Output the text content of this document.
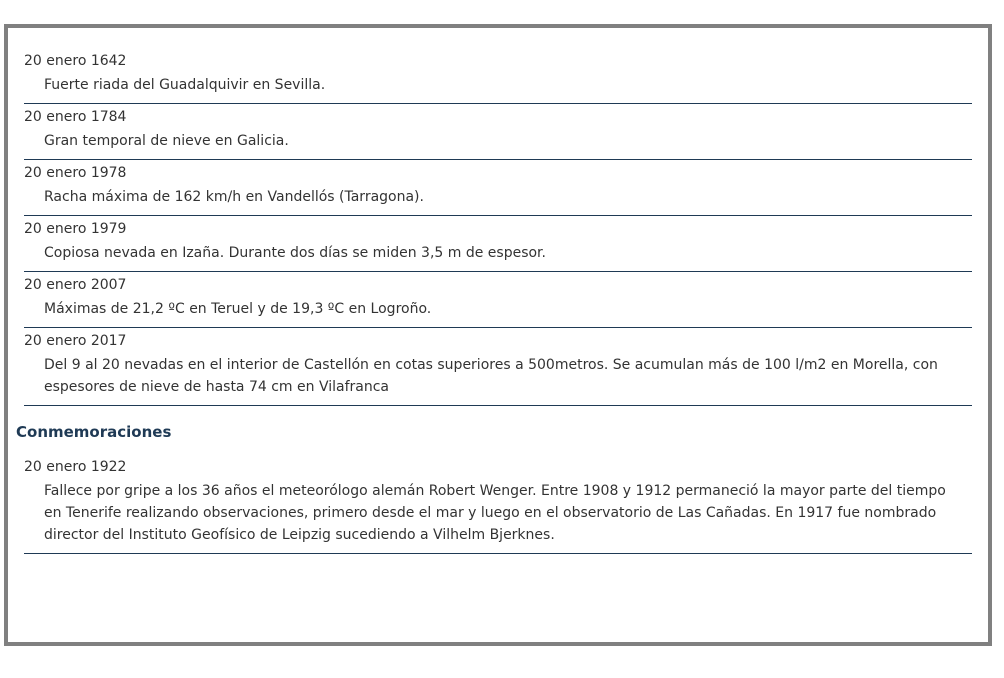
20 enero 1642

Fuerte riada del Guadalquivir en Sevilla.

20 enero 1784

Gran temporal de nieve en Galicia.

20 enero 1978

Racha máxima de 162 km/h en Vandellós (Tarragona).

20 enero 1979

Copiosa nevada en Izaña. Durante dos días se miden 3,5 m de espesor.

20 enero 2007

Máximas de 21,2 ºC en Teruel y de 19,3 ºC en Logroño.

20 enero 2017

Del 9 al 20 nevadas en el interior de Castellón en cotas superiores a 500metros. Se acumulan más de 100 l/m2 en Morella, con espesores de nieve de hasta 74 cm en Vilafranca

Conmemoraciones

20 enero 1922

Fallece por gripe a los 36 años el meteorólogo alemán Robert Wenger. Entre 1908 y 1912 permaneció la mayor parte del tiempo en Tenerife realizando observaciones, primero desde el mar y luego en el observatorio de Las Cañadas. En 1917 fue nombrado director del Instituto Geofísico de Leipzig sucediendo a Vilhelm Bjerknes.
